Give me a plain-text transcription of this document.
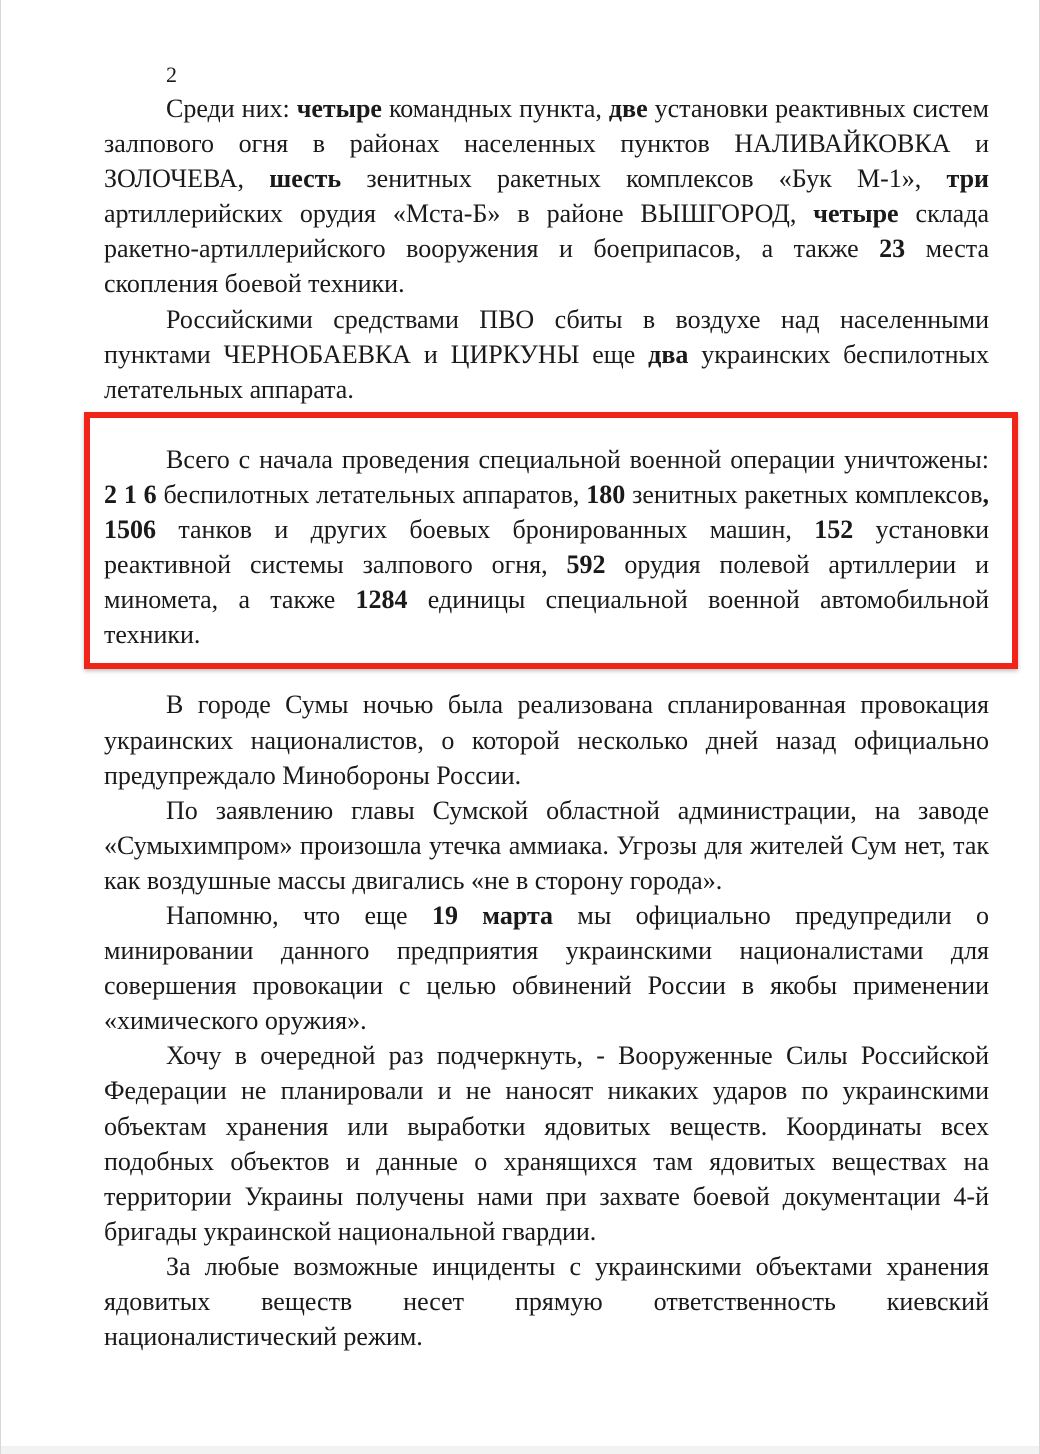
2

Среди них: четыре командных пункта, две установки реактивных систем залпового огня в районах населенных пунктов НАЛИВАЙКОВКА и ЗОЛОЧЕВА, шесть зенитных ракетных комплексов «Бук М-1», три артиллерийских орудия «Мста-Б» в районе ВЫШГОРОД, четыре склада ракетно-артиллерийского вооружения и боеприпасов, а также 23 места скопления боевой техники.

Российскими средствами ПВО сбиты в воздухе над населенными пунктами ЧЕРНОБАЕВКА и ЦИРКУНЫ еще два украинских беспилотных летательных аппарата.

Всего с начала проведения специальной военной операции уничтожены: 2 1 6 беспилотных летательных аппаратов, 180 зенитных ракетных комплексов, 1506 танков и других боевых бронированных машин, 152 установки реактивной системы залпового огня, 592 орудия полевой артиллерии и минометa, а также 1284 единицы специальной военной автомобильной техники.

В городе Сумы ночью была реализована спланированная провокация украинских националистов, о которой несколько дней назад официально предупреждало Минобороны России.

По заявлению главы Сумской областной администрации, на заводе «Сумыхимпром» произошла утечка аммиака. Угрозы для жителей Сум нет, так как воздушные массы двигались «не в сторону города».

Напомню, что еще 19 марта мы официально предупредили о минировании данного предприятия украинскими националистами для совершения провокации с целью обвинений России в якобы применении «химического оружия».

Хочу в очередной раз подчеркнуть, - Вооруженные Силы Российской Федерации не планировали и не наносят никаких ударов по украинскими объектам хранения или выработки ядовитых веществ. Координаты всех подобных объектов и данные о хранящихся там ядовитых веществах на территории Украины получены нами при захвате боевой документации 4-й бригады украинской национальной гвардии.

За любые возможные инциденты с украинскими объектами хранения ядовитых веществ несет прямую ответственность киевский националистический режим.
